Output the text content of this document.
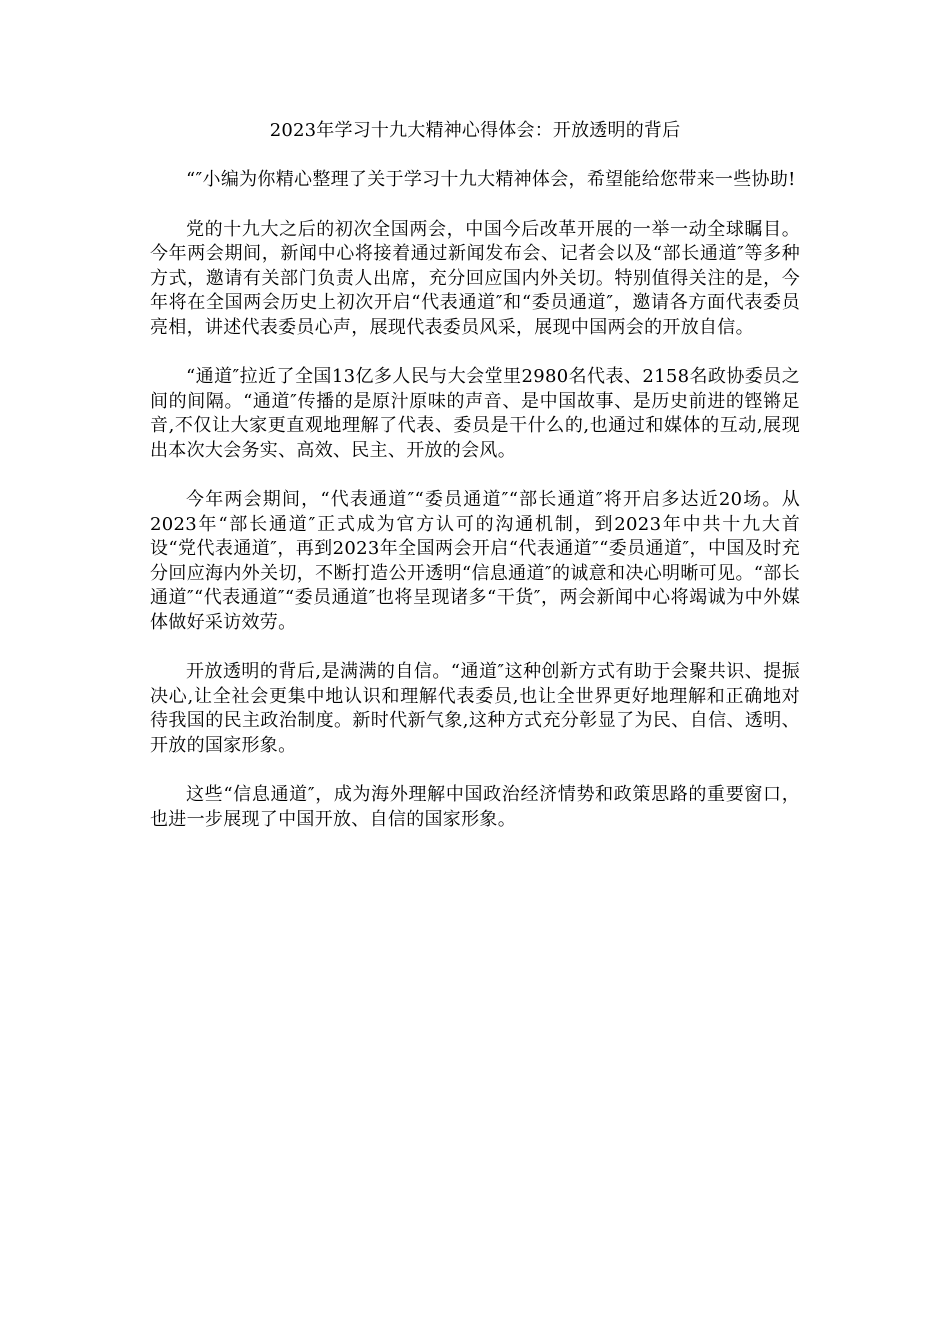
2023年学习十九大精神心得体会：开放透明的背后

“″小编为你精心整理了关于学习十九大精神体会，希望能给您带来一些协助!

党的十九大之后的初次全国两会，中国今后改革开展的一举一动全球瞩目。今年两会期间，新闻中心将接着通过新闻发布会、记者会以及“部长通道″等多种方式，邀请有关部门负责人出席，充分回应国内外关切。特别值得关注的是，今年将在全国两会历史上初次开启“代表通道″和“委员通道″，邀请各方面代表委员亮相，讲述代表委员心声，展现代表委员风采，展现中国两会的开放自信。

“通道″拉近了全国13亿多人民与大会堂里2980名代表、2158名政协委员之间的间隔。“通道″传播的是原汁原味的声音、是中国故事、是历史前进的铿锵足音,不仅让大家更直观地理解了代表、委员是干什么的,也通过和媒体的互动,展现出本次大会务实、高效、民主、开放的会风。

今年两会期间，“代表通道″“委员通道″“部长通道″将开启多达近20场。从2023年“部长通道″正式成为官方认可的沟通机制，到2023年中共十九大首设“党代表通道″，再到2023年全国两会开启“代表通道″“委员通道″，中国及时充分回应海内外关切，不断打造公开透明“信息通道″的诚意和决心明晰可见。“部长通道″“代表通道″“委员通道″也将呈现诸多“干货″，两会新闻中心将竭诚为中外媒体做好采访效劳。

开放透明的背后,是满满的自信。“通道″这种创新方式有助于会聚共识、提振决心,让全社会更集中地认识和理解代表委员,也让全世界更好地理解和正确地对待我国的民主政治制度。新时代新气象,这种方式充分彰显了为民、自信、透明、开放的国家形象。

这些“信息通道″，成为海外理解中国政治经济情势和政策思路的重要窗口，也进一步展现了中国开放、自信的国家形象。
